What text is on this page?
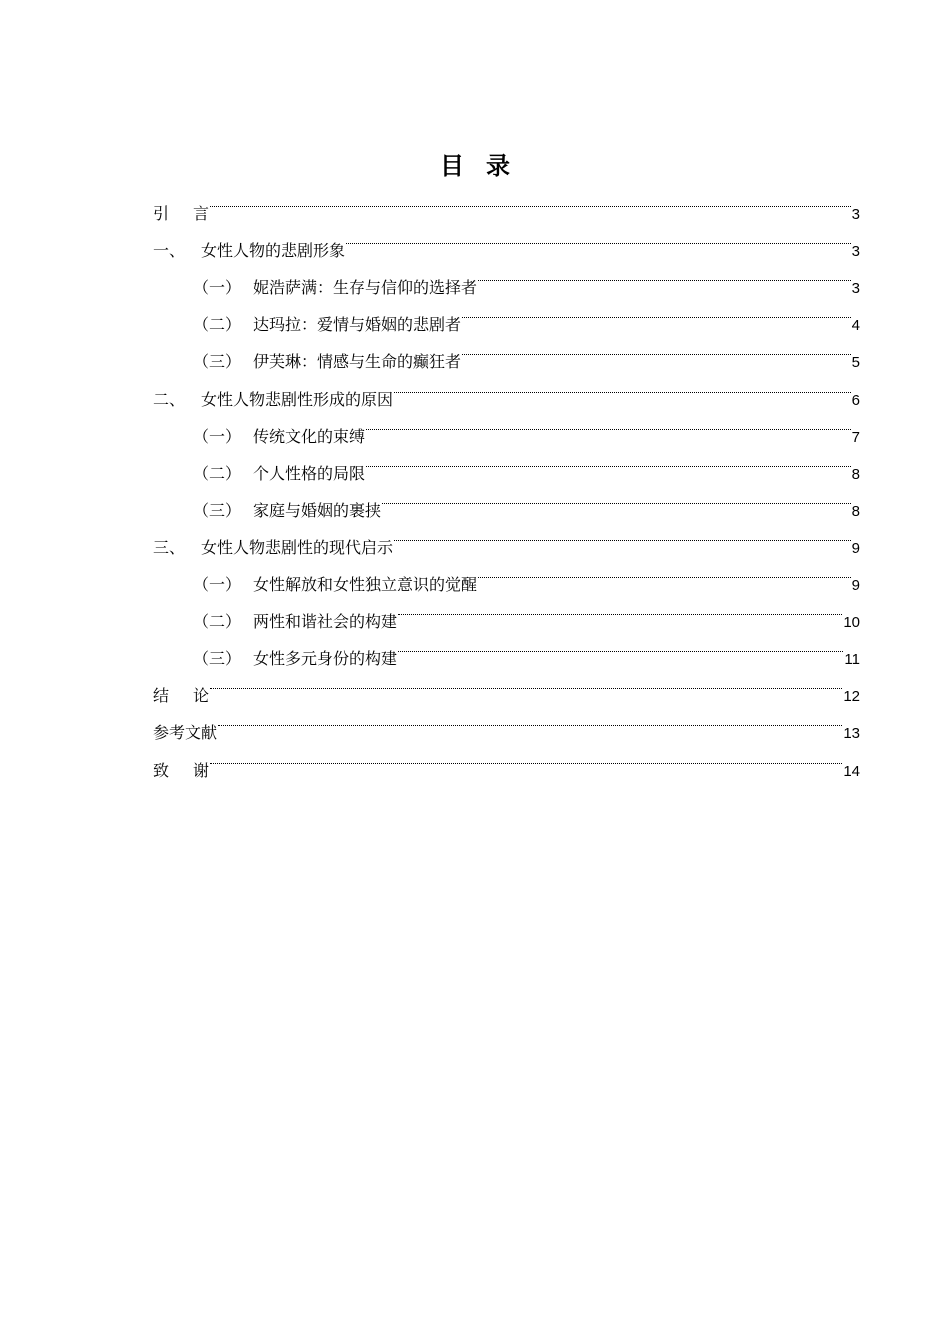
目 录
引言	3
一、 女性人物的悲剧形象	3
（一） 妮浩萨满：生存与信仰的选择者	3
（二） 达玛拉：爱情与婚姻的悲剧者	4
（三） 伊芙琳：情感与生命的癫狂者	5
二、 女性人物悲剧性形成的原因	6
（一） 传统文化的束缚	7
（二） 个人性格的局限	8
（三） 家庭与婚姻的裹挟	8
三、 女性人物悲剧性的现代启示	9
（一） 女性解放和女性独立意识的觉醒	9
（二） 两性和谐社会的构建	10
（三） 女性多元身份的构建	11
结论	12
参考文献	13
致谢	14
